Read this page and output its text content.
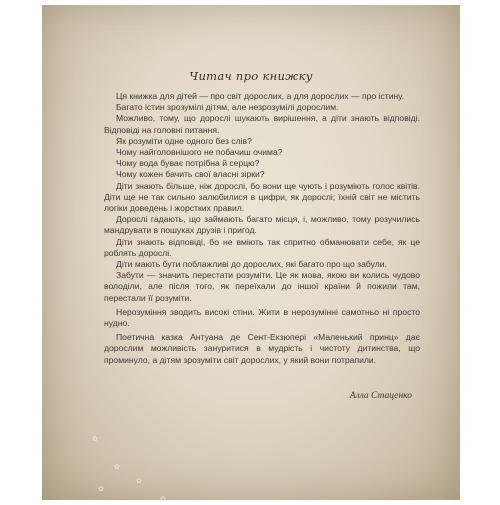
Читач про книжку

Ця книжка для дітей — про світ дорослих, а для дорослих — про істину.

Багато істин зрозумілі дітям, але незрозумілі дорослим.

Можливо, тому, що дорослі шукають вирішення, а діти знають відповіді. Відповіді на головні питання.

Як розуміти одне одного без слів?

Чому найголовнішого не побачиш очима?

Чому вода буває потрібна й серцю?

Чому кожен бачить свої власні зірки?

Діти знають більше, ніж дорослі, бо вони ще чують і розуміють голос квітів. Діти ще не так сильно залюбилися в цифри, як дорослі; їхній світ не містить логіки доведень і жорстких правил.

Дорослі гадають, що займають багато місця, і, можливо, тому розучились мандрувати в пошуках друзів і пригод.

Діти знають відповіді, бо не вміють так спритно обманювати себе, як це роблять дорослі.

Діти мають бути поблажливі до дорослих, які багато про що забули.

Забути — значить перестати розуміти. Це як мова, якою ви колись чудово володіли, але після того, як переїхали до іншої країни й пожили там, перестали її розуміти.

Нерозуміння зводить високі стіни. Жити в нерозумінні самотньо ні просто нудно.

Поетична казка Антуана де Сент-Екзюпері «Маленький принц» дає дорослим можливість зануритися в мудрість і чистоту дитинства, що проминуло, а дітям зрозуміти світ дорослих, у який вони потрапили.

Алла Стаценко
✿
✿
✿
✿
✿
